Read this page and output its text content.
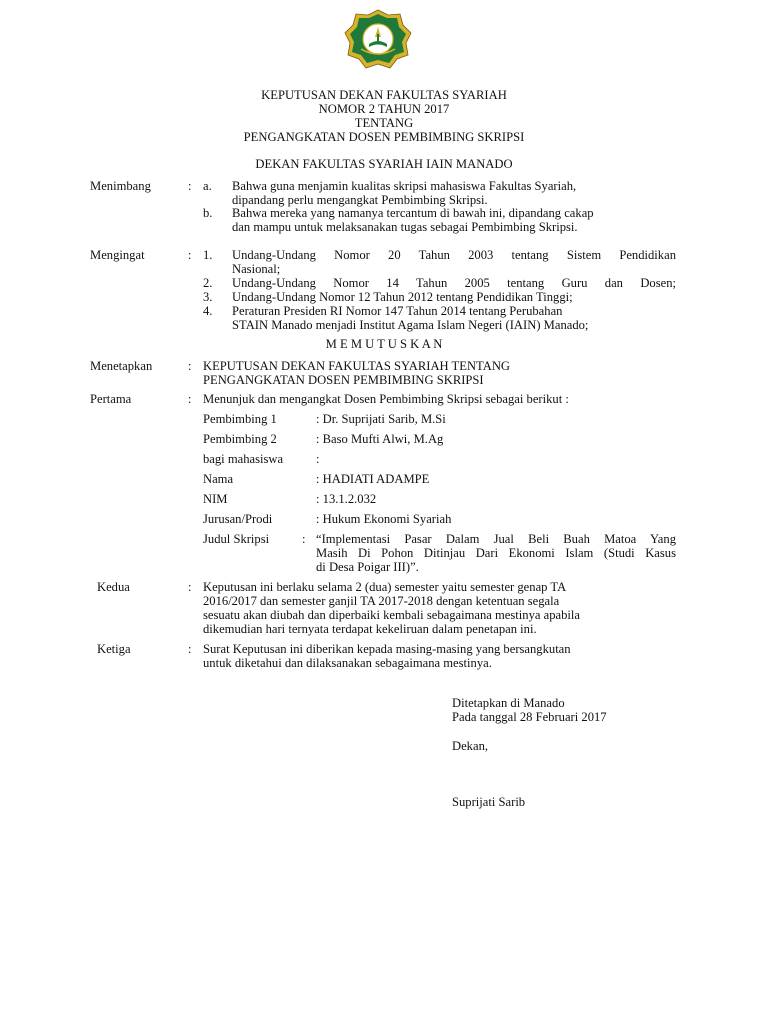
KEPUTUSAN DEKAN FAKULTAS SYARIAH
NOMOR 2 TAHUN 2017
TENTANG
PENGANGKATAN DOSEN PEMBIMBING SKRIPSI
DEKAN FAKULTAS SYARIAH IAIN MANADO
Menimbang	: a. Bahwa guna menjamin kualitas skripsi mahasiswa Fakultas Syariah,
dipandang perlu mengangkat Pembimbing Skripsi.
b. Bahwa mereka yang namanya tercantum di bawah ini, dipandang cakap
dan mampu untuk melaksanakan tugas sebagai Pembimbing Skripsi.
Mengingat	: 1. Undang-Undang Nomor 20 Tahun 2003 tentang Sistem Pendidikan
Nasional;
2. Undang-Undang Nomor 14 Tahun 2005 tentang Guru dan Dosen;
3. Undang-Undang Nomor 12 Tahun 2012 tentang Pendidikan Tinggi;
4. Peraturan Presiden RI Nomor 147 Tahun 2014 tentang Perubahan
STAIN Manado menjadi Institut Agama Islam Negeri (IAIN) Manado;
M E M U T U S K A N
Menetapkan	: KEPUTUSAN DEKAN FAKULTAS SYARIAH TENTANG
PENGANGKATAN DOSEN PEMBIMBING SKRIPSI
Pertama	: Menunjuk dan mengangkat Dosen Pembimbing Skripsi sebagai berikut :
Pembimbing 1	: Dr. Suprijati Sarib, M.Si
Pembimbing 2	: Baso Mufti Alwi, M.Ag
bagi mahasiswa	:
Nama	: HADIATI ADAMPE
NIM	: 13.1.2.032
Jurusan/Prodi	: Hukum Ekonomi Syariah
Judul Skripsi	: “Implementasi Pasar Dalam Jual Beli Buah Matoa Yang
Masih Di Pohon Ditinjau Dari Ekonomi Islam (Studi Kasus
di Desa Poigar III)”.
Kedua	: Keputusan ini berlaku selama 2 (dua) semester yaitu semester genap TA
2016/2017 dan semester ganjil TA 2017-2018 dengan ketentuan segala
sesuatu akan diubah dan diperbaiki kembali sebagaimana mestinya apabila
dikemudian hari ternyata terdapat kekeliruan dalam penetapan ini.
Ketiga	: Surat Keputusan ini diberikan kepada masing-masing yang bersangkutan
untuk diketahui dan dilaksanakan sebagaimana mestinya.
Ditetapkan di Manado
Pada tanggal 28 Februari 2017
Dekan,
Suprijati Sarib
